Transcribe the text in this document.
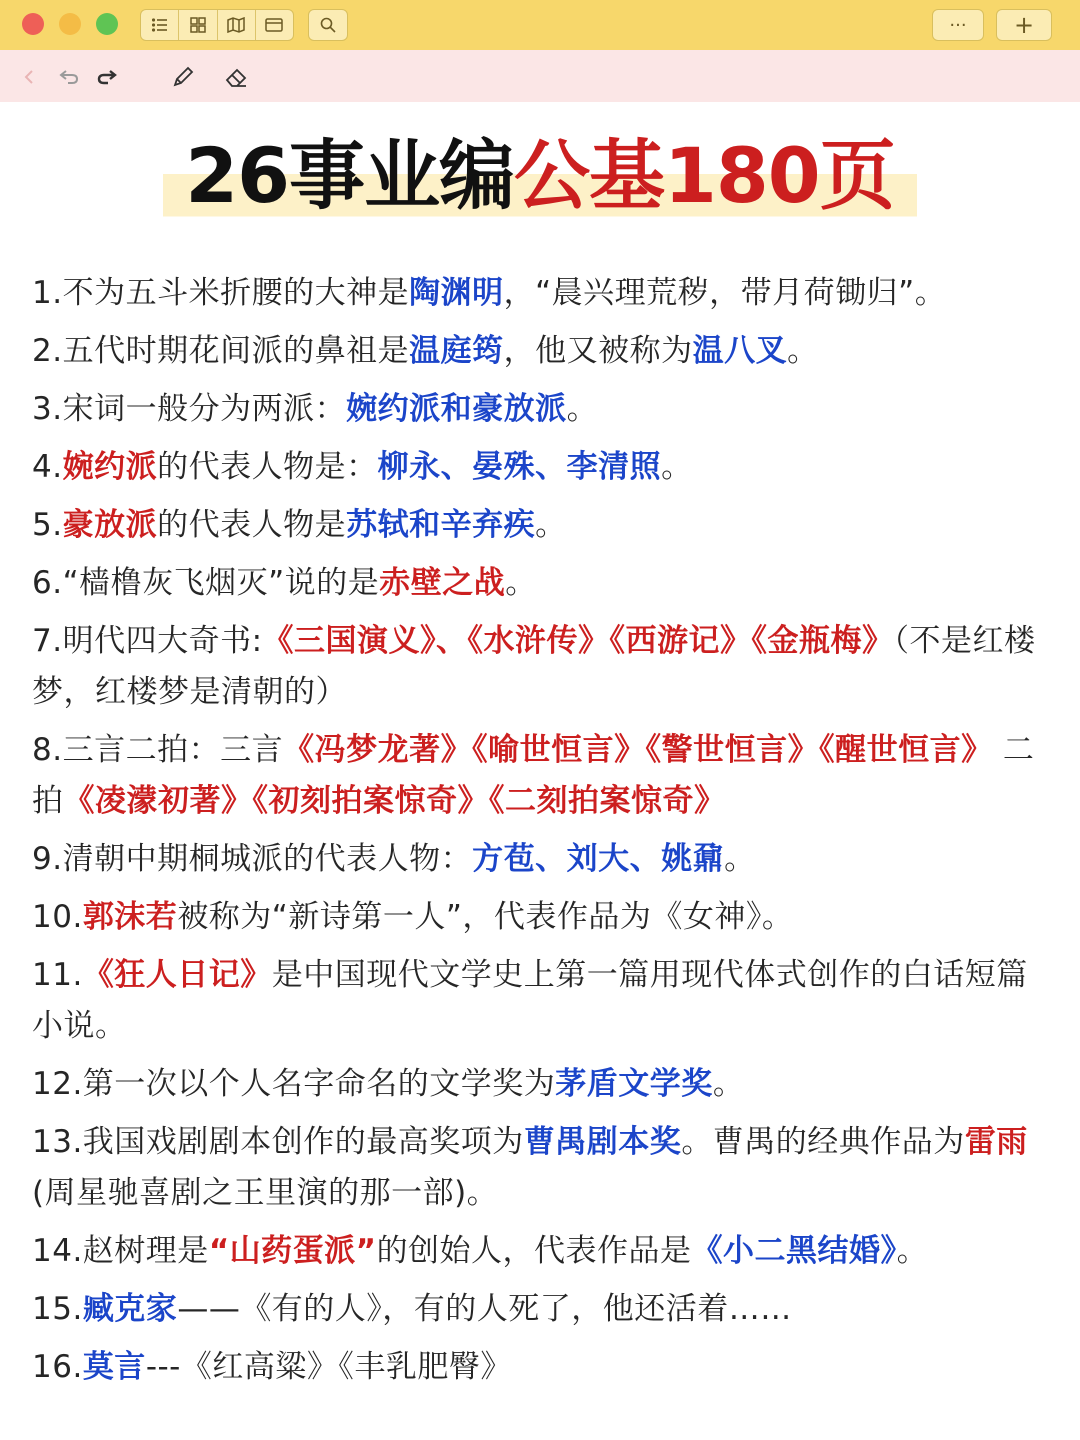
··· +
26事业编公基180页
1.不为五斗米折腰的大神是陶渊明，“晨兴理荒秽，带月荷锄归”。
2.五代时期花间派的鼻祖是温庭筠，他又被称为温八叉。
3.宋词一般分为两派：婉约派和豪放派。
4.婉约派的代表人物是：柳永、晏殊、李清照。
5.豪放派的代表人物是苏轼和辛弃疾。
6.“樯橹灰飞烟灭”说的是赤壁之战。
7.明代四大奇书:《三国演义》、《水浒传》《西游记》《金瓶梅》（不是红楼梦，红楼梦是清朝的）
8.三言二拍：三言《冯梦龙著》《喻世恒言》《警世恒言》《醒世恒言》 二拍《凌濛初著》《初刻拍案惊奇》《二刻拍案惊奇》
9.清朝中期桐城派的代表人物：方苞、刘大、姚鼐。
10.郭沫若被称为“新诗第一人”，代表作品为《女神》。
11.《狂人日记》是中国现代文学史上第一篇用现代体式创作的白话短篇小说。
12.第一次以个人名字命名的文学奖为茅盾文学奖。
13.我国戏剧剧本创作的最高奖项为曹禺剧本奖。曹禺的经典作品为雷雨(周星驰喜剧之王里演的那一部)。
14.赵树理是“山药蛋派”的创始人，代表作品是《小二黑结婚》。
15.臧克家——《有的人》，有的人死了，他还活着……
16.莫言---《红高粱》《丰乳肥臀》
